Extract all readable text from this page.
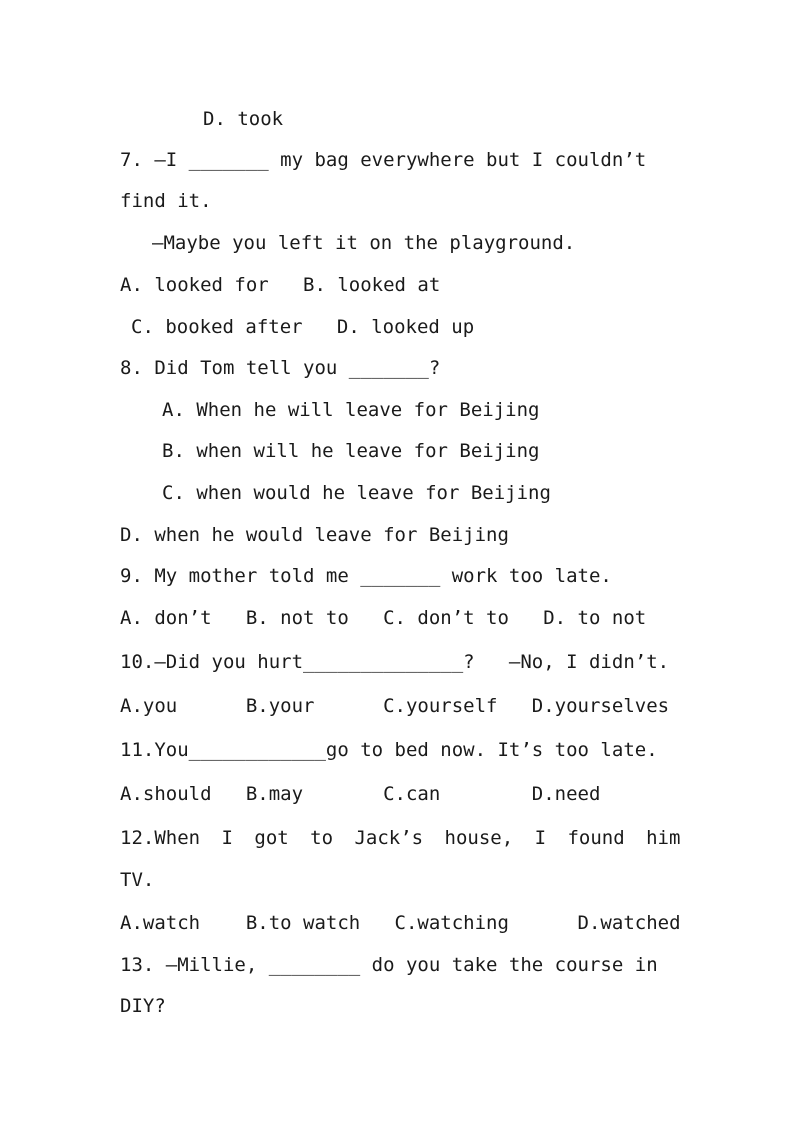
D. took
7. —I _______ my bag everywhere but I couldn’t
find it.
—Maybe you left it on the playground.
A. looked for   B. looked at
C. booked after   D. looked up
8. Did Tom tell you _______?
A. When he will leave for Beijing
B. when will he leave for Beijing
C. when would he leave for Beijing
D. when he would leave for Beijing
9. My mother told me _______ work too late.
A. don’t   B. not to   C. don’t to   D. to not
10.—Did you hurt______________?   —No, I didn’t.
A.you      B.your      C.yourself   D.yourselves
11.You____________go to bed now. It’s too late.
A.should   B.may       C.can        D.need
12.When I got to Jack’s house, I found him
TV.
A.watch    B.to watch   C.watching      D.watched
13. —Millie, ________ do you take the course in
DIY?
